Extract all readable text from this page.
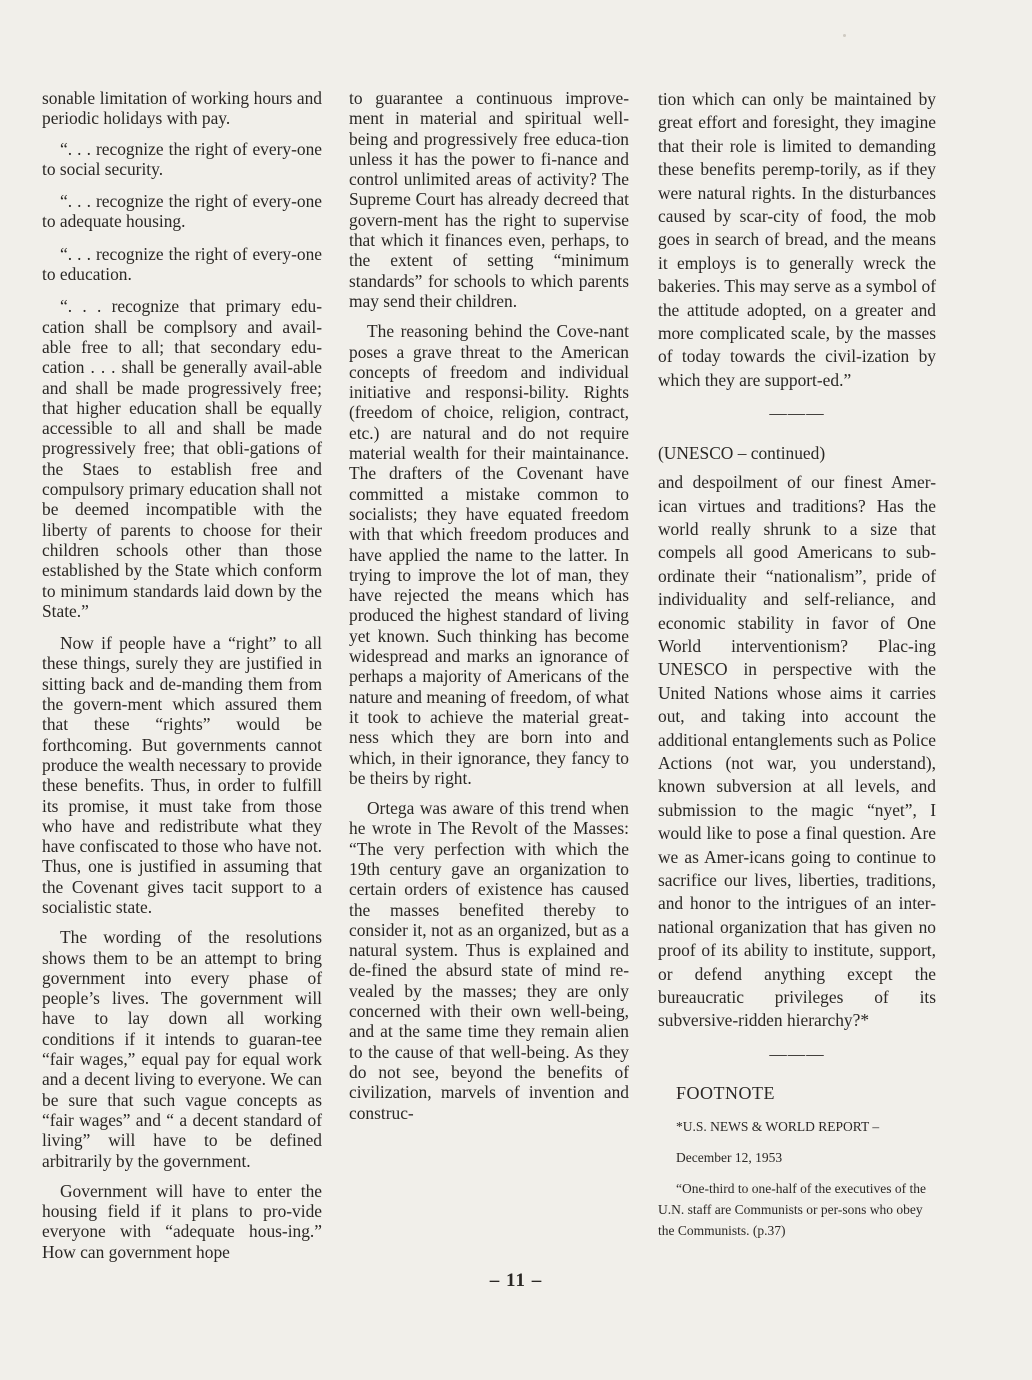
sonable limitation of working hours and periodic holidays with pay.

“. . . recognize the right of every-one to social security.

“. . . recognize the right of every-one to adequate housing.

“. . . recognize the right of every-one to education.

“. . . recognize that primary edu-cation shall be complsory and avail-able free to all; that secondary edu-cation . . . shall be generally avail-able and shall be made progressively free; that higher education shall be equally accessible to all and shall be made progressively free; that obli-gations of the Staes to establish free and compulsory primary education shall not be deemed incompatible with the liberty of parents to choose for their children schools other than those established by the State which conform to minimum standards laid down by the State.”

Now if people have a “right” to all these things, surely they are justified in sitting back and de-manding them from the govern-ment which assured them that these “rights” would be forthcoming. But governments cannot produce the wealth necessary to provide these benefits. Thus, in order to fulfill its promise, it must take from those who have and redistribute what they have confiscated to those who have not. Thus, one is justified in assuming that the Covenant gives tacit support to a socialistic state.

The wording of the resolutions shows them to be an attempt to bring government into every phase of people’s lives. The government will have to lay down all working conditions if it intends to guaran-tee “fair wages,” equal pay for equal work and a decent living to everyone. We can be sure that such vague concepts as “fair wages” and “ a decent standard of living” will have to be defined arbitrarily by the government.

Government will have to enter the housing field if it plans to pro-vide everyone with “adequate hous-ing.” How can government hope

to guarantee a continuous improve-ment in material and spiritual well-being and progressively free educa-tion unless it has the power to fi-nance and control unlimited areas of activity? The Supreme Court has already decreed that govern-ment has the right to supervise that which it finances even, perhaps, to the extent of setting “minimum standards” for schools to which parents may send their children.

The reasoning behind the Cove-nant poses a grave threat to the American concepts of freedom and individual initiative and responsi-bility. Rights (freedom of choice, religion, contract, etc.) are natural and do not require material wealth for their maintainance. The drafters of the Covenant have committed a mistake common to socialists; they have equated freedom with that which freedom produces and have applied the name to the latter. In trying to improve the lot of man, they have rejected the means which has produced the highest standard of living yet known. Such thinking has become widespread and marks an ignorance of perhaps a majority of Americans of the nature and meaning of freedom, of what it took to achieve the material great-ness which they are born into and which, in their ignorance, they fancy to be theirs by right.

Ortega was aware of this trend when he wrote in The Revolt of the Masses: “The very perfection with which the 19th century gave an organization to certain orders of existence has caused the masses benefited thereby to consider it, not as an organized, but as a natural system. Thus is explained and de-fined the absurd state of mind re-vealed by the masses; they are only concerned with their own well-being, and at the same time they remain alien to the cause of that well-being. As they do not see, beyond the benefits of civilization, marvels of invention and construc-

tion which can only be maintained by great effort and foresight, they imagine that their role is limited to demanding these benefits peremp-torily, as if they were natural rights. In the disturbances caused by scar-city of food, the mob goes in search of bread, and the means it employs is to generally wreck the bakeries. This may serve as a symbol of the attitude adopted, on a greater and more complicated scale, by the masses of today towards the civil-ization by which they are support-ed.”

———

(UNESCO – continued)

and despoilment of our finest Amer-ican virtues and traditions? Has the world really shrunk to a size that compels all good Americans to sub-ordinate their “nationalism”, pride of individuality and self-reliance, and economic stability in favor of One World interventionism? Plac-ing UNESCO in perspective with the United Nations whose aims it carries out, and taking into account the additional entanglements such as Police Actions (not war, you understand), known subversion at all levels, and submission to the magic “nyet”, I would like to pose a final question. Are we as Amer-icans going to continue to sacrifice our lives, liberties, traditions, and honor to the intrigues of an inter-national organization that has given no proof of its ability to institute, support, or defend anything except the bureaucratic privileges of its subversive-ridden hierarchy?*

———

FOOTNOTE

*U.S. NEWS & WORLD REPORT –

December 12, 1953

“One-third to one-half of the executives of the U.N. staff are Communists or per-sons who obey the Communists. (p.37)

– 11 –
